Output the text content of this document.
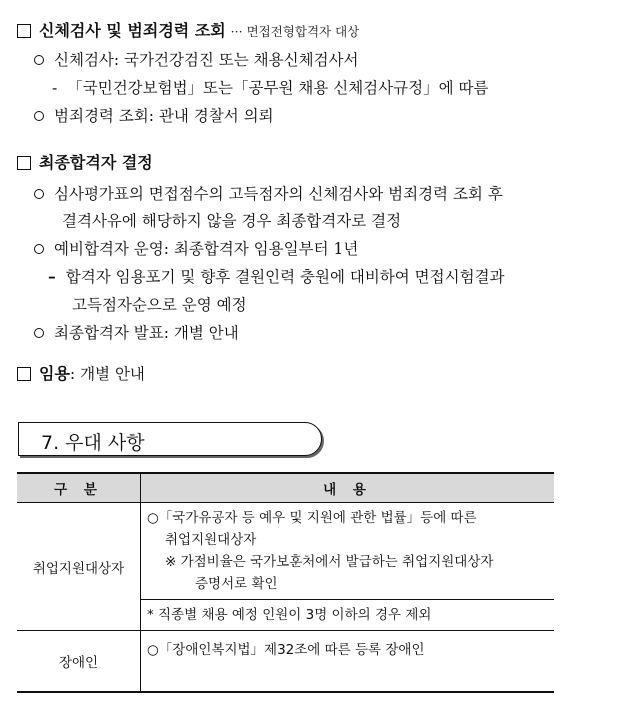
신체검사 및 범죄경력 조회 ··· 면접전형합격자 대상
신체검사: 국가건강검진 또는 채용신체검사서
- 「국민건강보험법」또는「공무원 채용 신체검사규정」에 따름
범죄경력 조회: 관내 경찰서 의뢰
최종합격자 결정
심사평가표의 면접점수의 고득점자의 신체검사와 범죄경력 조회 후
결격사유에 해당하지 않을 경우 최종합격자로 결정
예비합격자 운영: 최종합격자 임용일부터 1년
– 합격자 임용포기 및 향후 결원인력 충원에 대비하여 면접시험결과
고득점자순으로 운영 예정
최종합격자 발표: 개별 안내
임용: 개별 안내
7. 우대 사항
구 분	내 용
취업지원대상자	○「국가유공자 등 예우 및 지원에 관한 법률」등에 따른
취업지원대상자
※ 가점비율은 국가보훈처에서 발급하는 취업지원대상자
증명서로 확인

	* 직종별 채용 예정 인원이 3명 이하의 경우 제외
장애인	○「장애인복지법」제32조에 따른 등록 장애인
